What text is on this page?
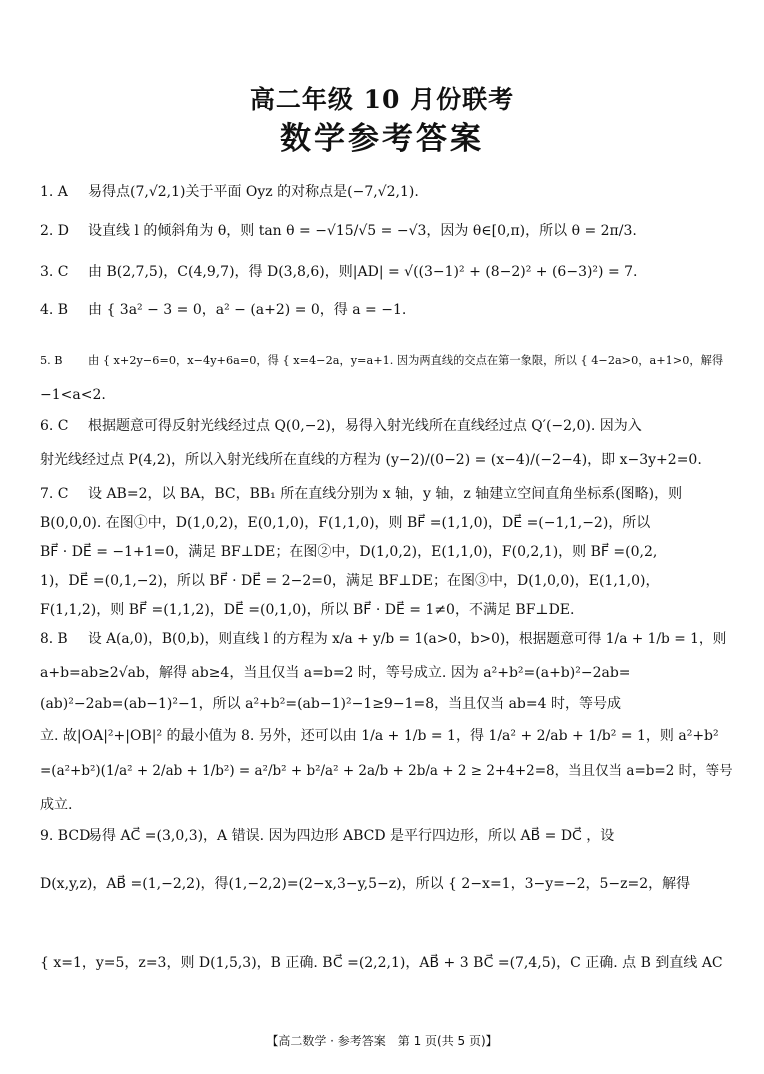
高二年级 10 月份联考
数学参考答案
1. A 易得点(7,√2,1)关于平面 Oyz 的对称点是(−7,√2,1).
2. D 设直线 l 的倾斜角为 θ，则 tan θ = −√15/√5 = −√3，因为 θ∈[0,π)，所以 θ = 2π/3.
3. C 由 B(2,7,5)，C(4,9,7)，得 D(3,8,6)，则|AD| = √((3−1)² + (8−2)² + (6−3)²) = 7.
4. B 由 { 3a² − 3 = 0，a² − (a+2) = 0，得 a = −1.
5. B 由 { x+2y−6=0，x−4y+6a=0，得 { x=4−2a，y=a+1. 因为两直线的交点在第一象限，所以 { 4−2a>0，a+1>0，解得
−1<a<2.
6. C 根据题意可得反射光线经过点 Q(0,−2)，易得入射光线所在直线经过点 Q′(−2,0). 因为入
射光线经过点 P(4,2)，所以入射光线所在直线的方程为 (y−2)/(0−2) = (x−4)/(−2−4)，即 x−3y+2=0.
7. C 设 AB=2，以 BA，BC，BB₁ 所在直线分别为 x 轴，y 轴，z 轴建立空间直角坐标系(图略)，则
B(0,0,0). 在图①中，D(1,0,2)，E(0,1,0)，F(1,1,0)，则 BF⃗ =(1,1,0)，DE⃗ =(−1,1,−2)，所以
BF⃗ · DE⃗ = −1+1=0，满足 BF⊥DE；在图②中，D(1,0,2)，E(1,1,0)，F(0,2,1)，则 BF⃗ =(0,2,
1)，DE⃗ =(0,1,−2)，所以 BF⃗ · DE⃗ = 2−2=0，满足 BF⊥DE；在图③中，D(1,0,0)，E(1,1,0)，
F(1,1,2)，则 BF⃗ =(1,1,2)，DE⃗ =(0,1,0)，所以 BF⃗ · DE⃗ = 1≠0，不满足 BF⊥DE.
8. B 设 A(a,0)，B(0,b)，则直线 l 的方程为 x/a + y/b = 1(a>0，b>0)，根据题意可得 1/a + 1/b = 1，则
a+b=ab≥2√ab，解得 ab≥4，当且仅当 a=b=2 时，等号成立. 因为 a²+b²=(a+b)²−2ab=
(ab)²−2ab=(ab−1)²−1，所以 a²+b²=(ab−1)²−1≥9−1=8，当且仅当 ab=4 时，等号成
立. 故|OA|²+|OB|² 的最小值为 8. 另外，还可以由 1/a + 1/b = 1，得 1/a² + 2/ab + 1/b² = 1，则 a²+b²
=(a²+b²)(1/a² + 2/ab + 1/b²) = a²/b² + b²/a² + 2a/b + 2b/a + 2 ≥ 2+4+2=8，当且仅当 a=b=2 时，等号
成立.
9. BCD易得 AC⃗ =(3,0,3)，A 错误. 因为四边形 ABCD 是平行四边形，所以 AB⃗ = DC⃗ ，设
D(x,y,z)，AB⃗ =(1,−2,2)，得(1,−2,2)=(2−x,3−y,5−z)，所以 { 2−x=1，3−y=−2，5−z=2，解得
{ x=1，y=5，z=3，则 D(1,5,3)，B 正确. BC⃗ =(2,2,1)，AB⃗ + 3 BC⃗ =(7,4,5)，C 正确. 点 B 到直线 AC
【高二数学 · 参考答案　第 1 页(共 5 页)】
